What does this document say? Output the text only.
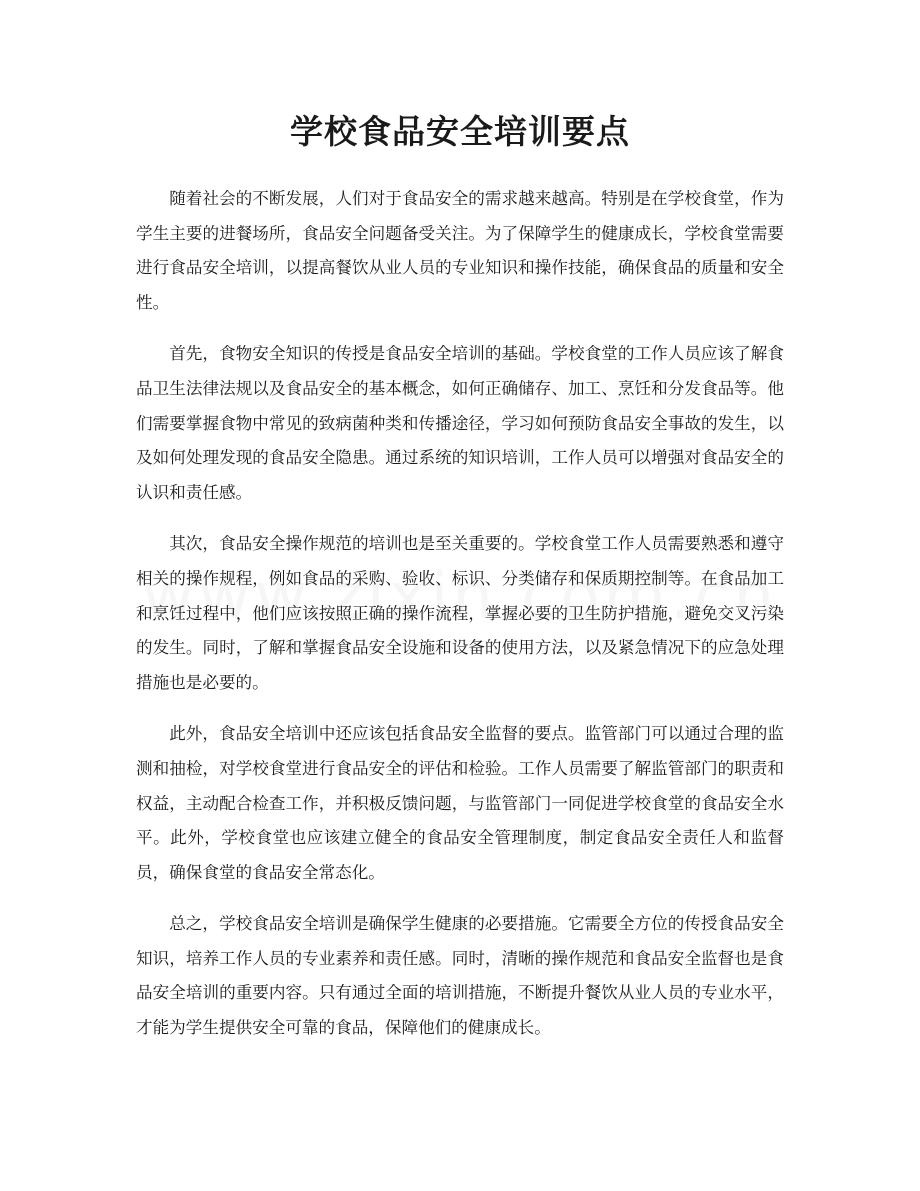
学校食品安全培训要点

随着社会的不断发展，人们对于食品安全的需求越来越高。特别是在学校食堂，作为学生主要的进餐场所，食品安全问题备受关注。为了保障学生的健康成长，学校食堂需要进行食品安全培训，以提高餐饮从业人员的专业知识和操作技能，确保食品的质量和安全性。

首先，食物安全知识的传授是食品安全培训的基础。学校食堂的工作人员应该了解食品卫生法律法规以及食品安全的基本概念，如何正确储存、加工、烹饪和分发食品等。他们需要掌握食物中常见的致病菌种类和传播途径，学习如何预防食品安全事故的发生，以及如何处理发现的食品安全隐患。通过系统的知识培训，工作人员可以增强对食品安全的认识和责任感。

其次，食品安全操作规范的培训也是至关重要的。学校食堂工作人员需要熟悉和遵守相关的操作规程，例如食品的采购、验收、标识、分类储存和保质期控制等。在食品加工和烹饪过程中，他们应该按照正确的操作流程，掌握必要的卫生防护措施，避免交叉污染的发生。同时，了解和掌握食品安全设施和设备的使用方法，以及紧急情况下的应急处理措施也是必要的。

此外，食品安全培训中还应该包括食品安全监督的要点。监管部门可以通过合理的监测和抽检，对学校食堂进行食品安全的评估和检验。工作人员需要了解监管部门的职责和权益，主动配合检查工作，并积极反馈问题，与监管部门一同促进学校食堂的食品安全水平。此外，学校食堂也应该建立健全的食品安全管理制度，制定食品安全责任人和监督员，确保食堂的食品安全常态化。

总之，学校食品安全培训是确保学生健康的必要措施。它需要全方位的传授食品安全知识，培养工作人员的专业素养和责任感。同时，清晰的操作规范和食品安全监督也是食品安全培训的重要内容。只有通过全面的培训措施，不断提升餐饮从业人员的专业水平，才能为学生提供安全可靠的食品，保障他们的健康成长。
